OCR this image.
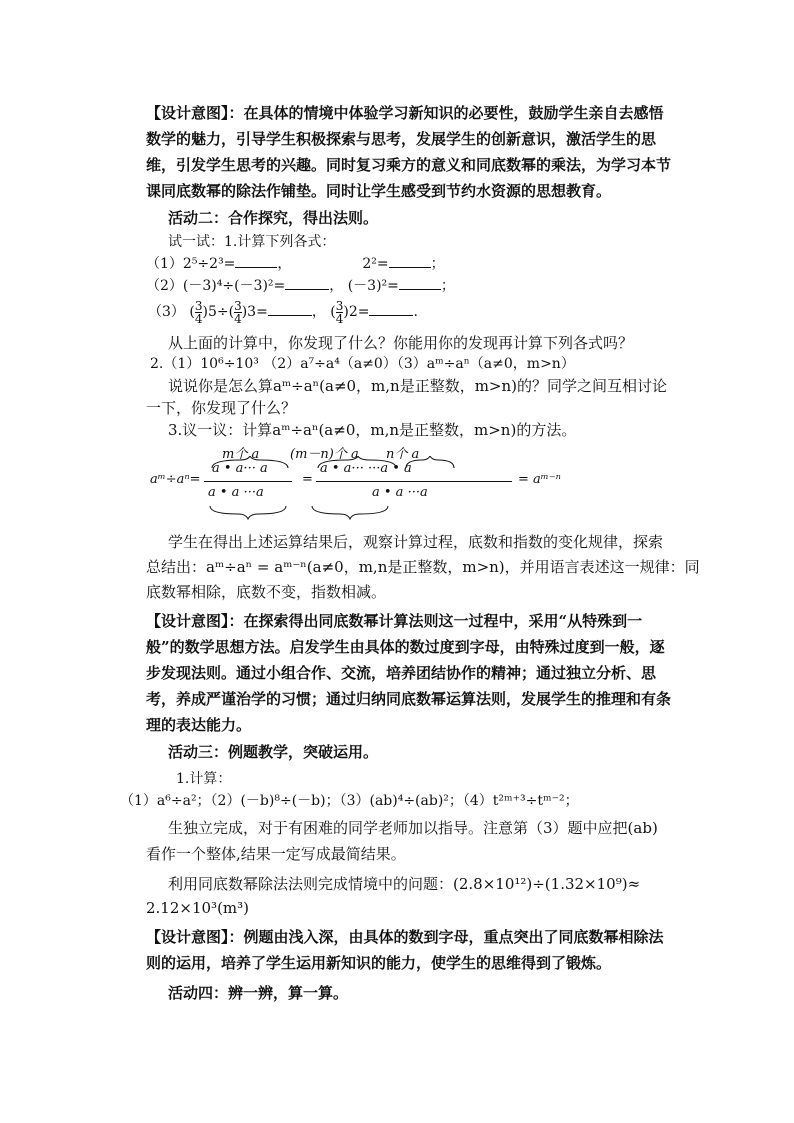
【设计意图】：在具体的情境中体验学习新知识的必要性，鼓励学生亲自去感悟数学的魅力，引导学生积极探索与思考，发展学生的创新意识，激活学生的思维，引发学生思考的兴趣。同时复习乘方的意义和同底数幂的乘法，为学习本节课同底数幂的除法作铺垫。同时让学生感受到节约水资源的思想教育。

活动二：合作探究，得出法则。

试一试：1.计算下列各式：

（1）2⁵÷2³=	，	2²=	；
（2）(－3)⁴÷(－3)²=	， (－3)²=	；
（3） ( $\frac{3}{4} )5\div( \frac{3}{4} )3=$	， ( $\frac{3}{4} )2=$	.

从上面的计算中，你发现了什么？你能用你的发现再计算下列各式吗？

2.（1）10⁶÷10³ （2）a⁷÷a⁴（a≠0）（3）aᵐ÷aⁿ（a≠0，m>n）

说说你是怎么算aᵐ÷aⁿ(a≠0，m,n是正整数，m>n)的？同学之间互相讨论

一下，你发现了什么？

3.议一议：计算aᵐ÷aⁿ(a≠0，m,n是正整数，m>n)的方法。

m个 a (m－n)个 a n个 a
aᵐ÷aⁿ=
a • a··· a
a • a ···a
=
a • a··· ···a • a
a • a ···a
= aᵐ⁻ⁿ

学生在得出上述运算结果后，观察计算过程，底数和指数的变化规律，探索

总结出：aᵐ÷aⁿ = aᵐ⁻ⁿ(a≠0，m,n是正整数，m>n)，并用语言表述这一规律：同

底数幂相除，底数不变，指数相减。

【设计意图】：在探索得出同底数幂计算法则这一过程中，采用“从特殊到一般”的数学思想方法。启发学生由具体的数过度到字母，由特殊过度到一般，逐步发现法则。通过小组合作、交流，培养团结协作的精神；通过独立分析、思考，养成严谨治学的习惯；通过归纳同底数幂运算法则，发展学生的推理和有条理的表达能力。

活动三：例题教学，突破运用。

1.计算：

（1）a⁶÷a²；（2）(－b)⁸÷(－b)；（3）(ab)⁴÷(ab)²；（4）t²ᵐ⁺³÷tᵐ⁻²；

生独立完成，对于有困难的同学老师加以指导。注意第（3）题中应把(ab)

看作一个整体,结果一定写成最简结果。

利用同底数幂除法法则完成情境中的问题：(2.8×10¹²)÷(1.32×10⁹)≈

2.12×10³(m³)

【设计意图】：例题由浅入深，由具体的数到字母，重点突出了同底数幂相除法则的运用，培养了学生运用新知识的能力，使学生的思维得到了锻炼。

活动四：辨一辨，算一算。
